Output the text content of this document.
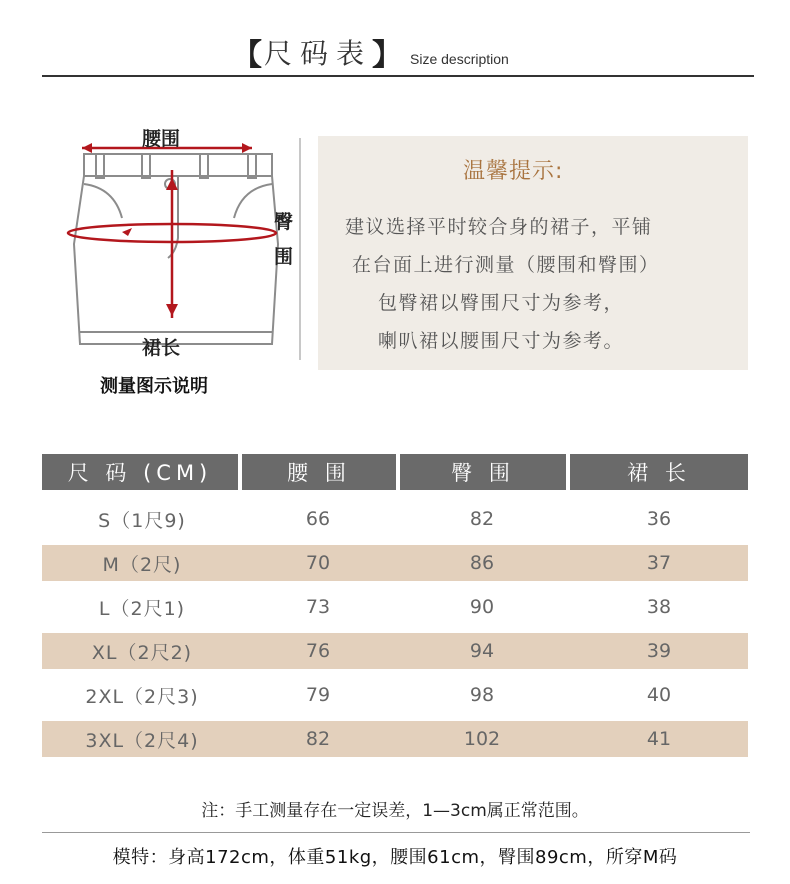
【 尺码表 】 Size description
腰围
臀
围
裙长
测量图示说明
温馨提示:
建议选择平时较合身的裙子，平铺
在台面上进行测量（腰围和臀围）
包臀裙以臀围尺寸为参考，
喇叭裙以腰围尺寸为参考。
尺 码 (CM)	腰 围	臀 围	裙 长
S（1尺9)	66	82	36
M（2尺)	70	86	37
L（2尺1)	73	90	38
XL（2尺2)	76	94	39
2XL（2尺3)	79	98	40
3XL（2尺4)	82	102	41
注：手工测量存在一定误差，1—3cm属正常范围。
模特：身高172cm，体重51kg，腰围61cm，臀围89cm，所穿M码
